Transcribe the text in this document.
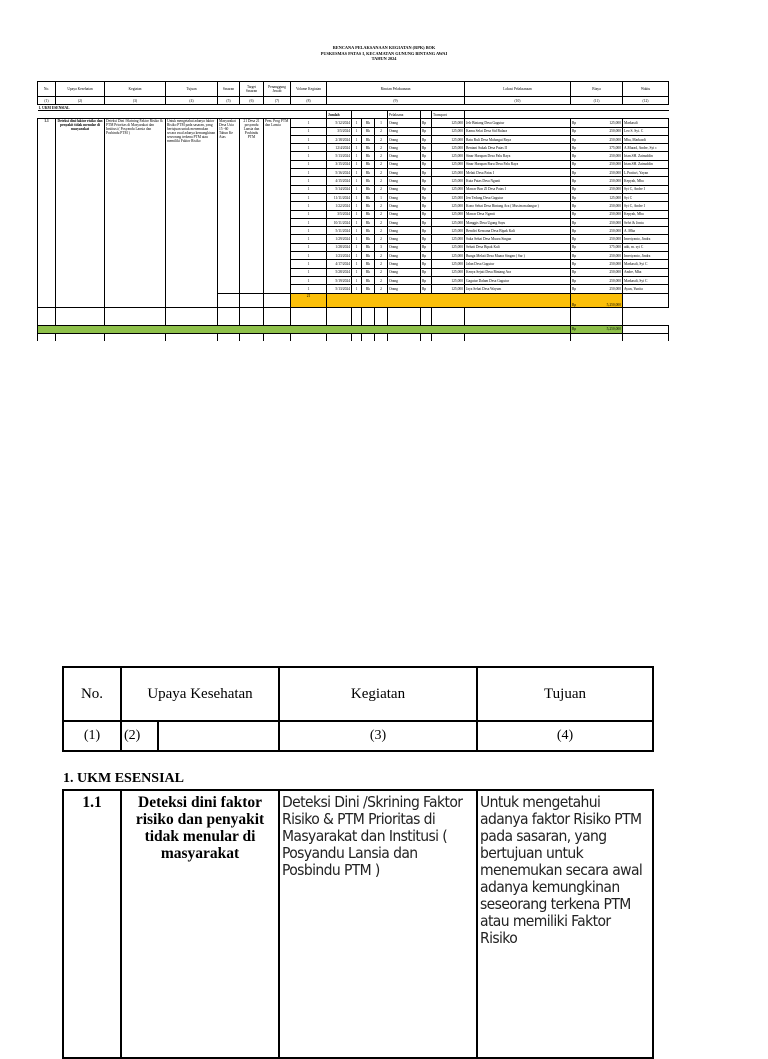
RENCANA PELAKSANAAN KEGIATAN (RPK) BOK
PUSKESMAS PATAS I, KECAMATAN GUNUNG BINTANG AWAI
TAHUN 2024
No.	Upaya Kesehatan	Kegiatan	Tujuan	Sasaran	Target Sasaran	Penanggung Jawab	Volume Kegiatan	Rincian Pelaksanaan							Lokasi Pelaksanaan	Biaya	Waktu
(1)	(2)	(3)	(4)	(5)	(6)	(7)	(8)	(9)							(10)	(11)	(12)
1. UKM ESENSIAL																	
								Jumlah				Pelaksana		Transport			
1.1	Deteksi dini faktor risiko dan penyakit tidak menular di masyarakat	Deteksi Dini /Skrining Faktor Risiko & PTM Prioritas di Masyarakat dan Institusi ( Posyandu Lansia dan Posbindu PTM )	Untuk mengetahui adanya faktor Risiko PTM pada sasaran, yang bertujuan untuk menemukan secara awal adanya kemungkinan seseorang terkena PTM atau memiliki Faktor Risiko	Masyarakat Desa Usia 15 -60 Tahun Ke Atas	21 Desa 21 posyandu Lansia dan Posbindu PTM	Pem. Prog PTM dan Lansia	1	5/12/2024	1	Rk	1	Orang	Rp	125,000	Jelr Bintang Desa Gagutur	Rp 125,000	Markasdi
							1	3/5/2024	1	Rk	2	Orang	Rp	125,000	Kamu Selai Desa Sid Bulara	Rp 250,000	Leo S. Syi. C
							1	2/18/2024	1	Rk	2	Orang	Rp	125,000	Batu Buli Desa Malungai Raya	Rp 250,000	Mba, Markasdi
							1	12/4/2024	1	Rk	2	Orang	Rp	125,000	Bentani Sukak Desa Patas II	Rp 375,000	A.Murad, Andre, Syi c
							1	5/13/2024	1	Rk	2	Orang	Rp	125,000	Sinar Harapan Desa Palu Raya	Rp 250,000	Irian.SH. Zainuddin
							1	3/15/2024	1	Rk	2	Orang	Rp	125,000	Sinar Harapan Baru Desa Palu Raya	Rp 250,000	Irian.SH. Zainuddin
							1	5/16/2024	1	Rk	2	Orang	Rp	125,000	Melati Desa Patas I	Rp 250,000	L.Pratiwi, Yayan
							1	4/15/2024	1	Rk	2	Orang	Rp	125,000	Kuta Patas Desa Nganti	Rp 250,000	Kepyah, Mba
							1	5/14/2024	1	Rk	2	Orang	Rp	125,000	Mawar Bon Zl Desa Patas I	Rp 250,000	Syi C, Andre I
							1	11/11/2024	1	Rk	1	Orang	Rp	125,000	Jen Tedung Desa Gagutur	Rp 125,000	Syi C
							1	1/22/2024	1	Rk	2	Orang	Rp	125,000	Kono Sehat Desa Bintang Ara ( Musim malangar )	Rp 250,000	Syi C, Andre I
							1	3/5/2024	1	Rk	2	Orang	Rp	125,000	Mawar Desa Nganti	Rp 250,000	Kepyah, Mba
							1	10/11/2024	1	Rk	2	Orang	Rp	125,000	Manggis Desa Ugang Sayu	Rp 250,000	Selvi & Jonta
							1	5/11/2024	1	Rk	2	Orang	Rp	125,000	Bendiri Kencana Desa Bipak Kali	Rp 250,000	A. Mba
							1	1/29/2024	1	Rk	2	Orang	Rp	125,000	Suka Sehat Desa Muara Singan	Rp 250,000	Imeriyanto, Jindra
							1	1/28/2024	1	Rk	3	Orang	Rp	125,000	Sehati Desa Bipak Kali	Rp 375,000	adit, m. syi C
							1	1/23/2024	1	Rk	2	Orang	Rp	125,000	Bunga Melati Desa Muara Singan ( Sar )	Rp 250,000	Imeriyanto, Jindra
							1	4/17/2024	1	Rk	2	Orang	Rp	125,000	Jalan Desa Gagutur	Rp 250,000	Markasdi, Syi C
							1	5/28/2024	1	Rk	2	Orang	Rp	125,000	Kenya Sejati Desa Bintang Ara	Rp 250,000	Andre, Mba
							1	5/19/2024	1	Rk	2	Orang	Rp	125,000	Gagutur Dalam Desa Gagutur	Rp 250,000	Markasdi, Syi C
							1	5/13/2024	1	Rk	2	Orang	Rp	125,000	Jaya Sehat Desa Wayum	Rp 250,000	Ayun, Yunita
							21									Rp 5,250,000	

																Rp 5,250,000	

No.	Upaya Kesehatan		Kegiatan	Tujuan
(1)	(2)		(3)	(4)
1. UKM ESENSIAL				
1.1	Deteksi dini faktor risiko dan penyakit tidak menular di masyarakat		Deteksi Dini /Skrining Faktor Risiko & PTM Prioritas di Masyarakat dan Institusi ( Posyandu Lansia dan Posbindu PTM )	Untuk mengetahui adanya faktor Risiko PTM pada sasaran, yang bertujuan untuk menemukan secara awal adanya kemungkinan seseorang terkena PTM atau memiliki Faktor Risiko
